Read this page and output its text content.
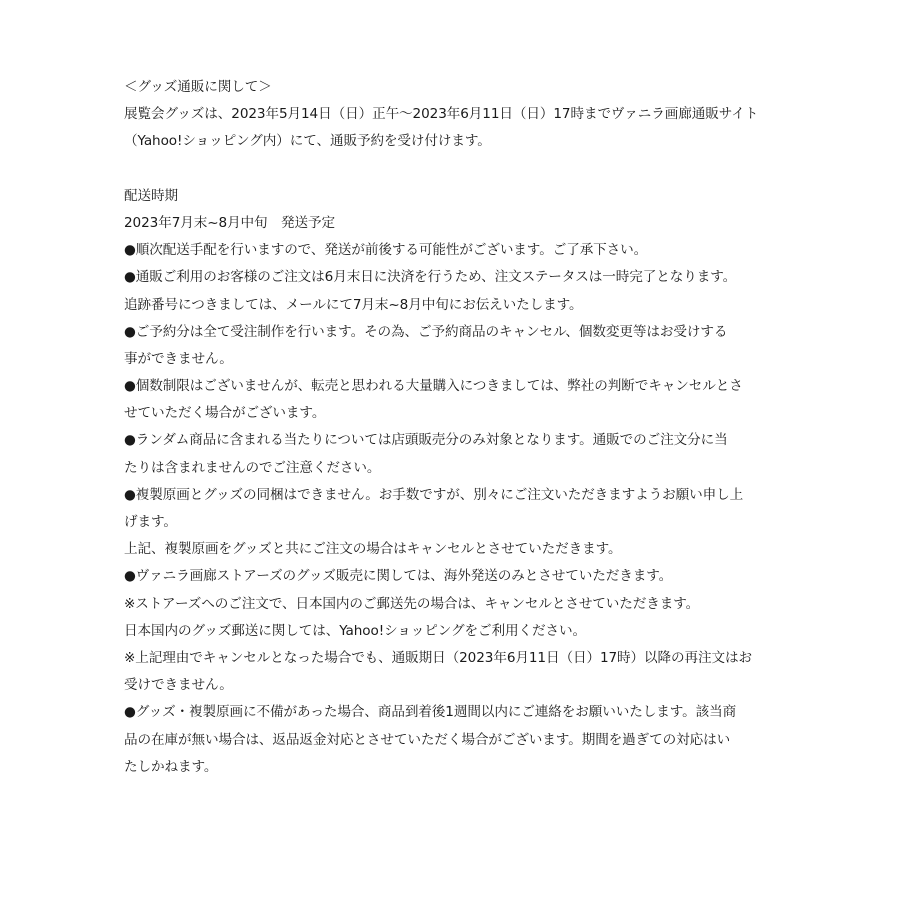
＜グッズ通販に関して＞
展覧会グッズは、2023年5月14日（日）正午〜2023年6月11日（日）17時までヴァニラ画廊通販サイト
（Yahoo!ショッピング内）にて、通販予約を受け付けます。
配送時期
2023年7月末~8月中旬　発送予定
●順次配送手配を行いますので、発送が前後する可能性がございます。ご了承下さい。
●通販ご利用のお客様のご注文は6月末日に決済を行うため、注文ステータスは一時完了となります。
追跡番号につきましては、メールにて7月末~8月中旬にお伝えいたします。
●ご予約分は全て受注制作を行います。その為、ご予約商品のキャンセル、個数変更等はお受けする
事ができません。
●個数制限はございませんが、転売と思われる大量購入につきましては、弊社の判断でキャンセルとさ
せていただく場合がございます。
●ランダム商品に含まれる当たりについては店頭販売分のみ対象となります。通販でのご注文分に当
たりは含まれませんのでご注意ください。
●複製原画とグッズの同梱はできません。お手数ですが、別々にご注文いただきますようお願い申し上
げます。
上記、複製原画をグッズと共にご注文の場合はキャンセルとさせていただきます。
●ヴァニラ画廊ストアーズのグッズ販売に関しては、海外発送のみとさせていただきます。
※ストアーズへのご注文で、日本国内のご郵送先の場合は、キャンセルとさせていただきます。
日本国内のグッズ郵送に関しては、Yahoo!ショッピングをご利用ください。
※上記理由でキャンセルとなった場合でも、通販期日（2023年6月11日（日）17時）以降の再注文はお
受けできません。
●グッズ・複製原画に不備があった場合、商品到着後1週間以内にご連絡をお願いいたします。該当商
品の在庫が無い場合は、返品返金対応とさせていただく場合がございます。期間を過ぎての対応はい
たしかねます。
